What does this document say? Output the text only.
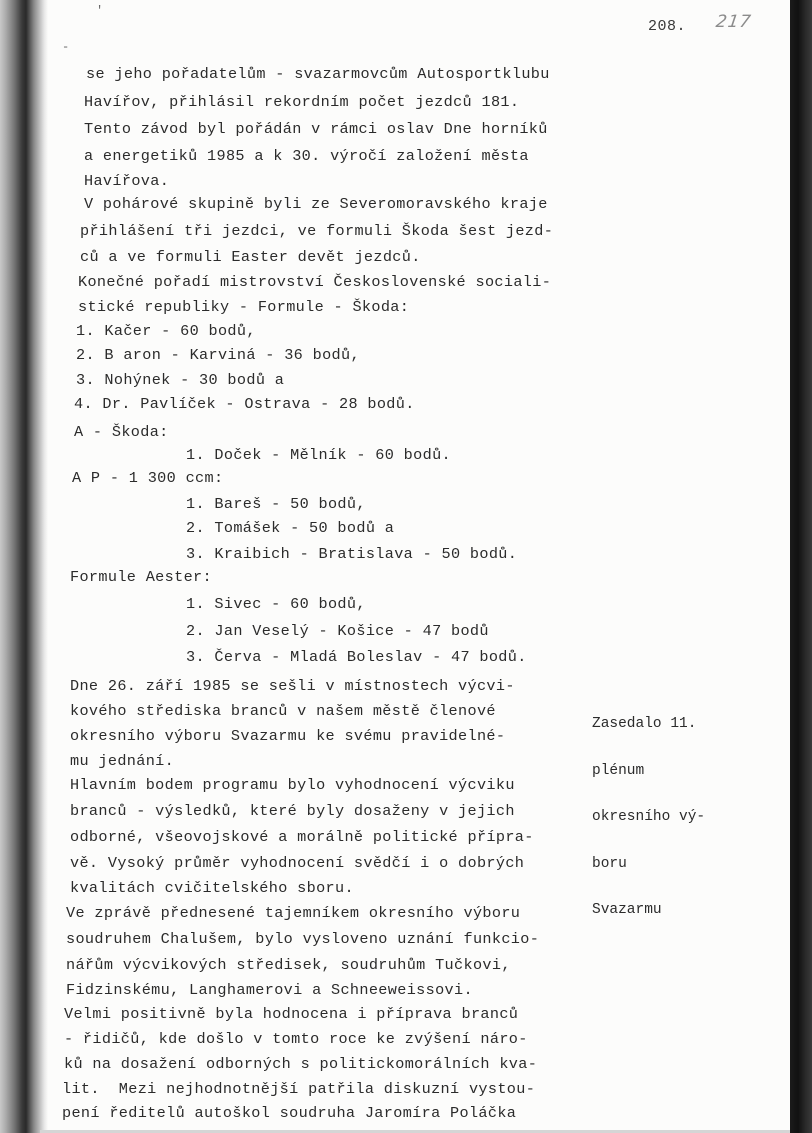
'
-
208. 217
se jeho pořadatelům - svazarmovcům Autosportklubu
Havířov, přihlásil rekordním počet jezdců 181.
Tento závod byl pořádán v rámci oslav Dne horníků
a energetiků 1985 a k 30. výročí založení města
Havířova.
V pohárové skupině byli ze Severomoravského kraje
přihlášení tři jezdci, ve formuli Škoda šest jezd-
ců a ve formuli Easter devět jezdců.
Konečné pořadí mistrovství Československé sociali-
stické republiky - Formule - Škoda:
1. Kačer - 60 bodů,
2. B aron - Karviná - 36 bodů,
3. Nohýnek - 30 bodů a
4. Dr. Pavlíček - Ostrava - 28 bodů.
A - Škoda:
1. Doček - Mělník - 60 bodů.
A P - 1 300 ccm:
1. Bareš - 50 bodů,
2. Tomášek - 50 bodů a
3. Kraibich - Bratislava - 50 bodů.
Formule Aester:
1. Sivec - 60 bodů,
2. Jan Veselý - Košice - 47 bodů
3. Červa - Mladá Boleslav - 47 bodů.
Dne 26. září 1985 se sešli v místnostech výcvi-
kového střediska branců v našem městě členové
okresního výboru Svazarmu ke svému pravidelné-
mu jednání.
Hlavním bodem programu bylo vyhodnocení výcviku
branců - výsledků, které byly dosaženy v jejich
odborné, všeovojskové a morálně politické přípra-
vě. Vysoký průměr vyhodnocení svědčí i o dobrých
kvalitách cvičitelského sboru.
Ve zprávě přednesené tajemníkem okresního výboru
soudruhem Chalušem, bylo vysloveno uznání funkcio-
nářům výcvikových středisek, soudruhům Tučkovi,
Fidzinskému, Langhamerovi a Schneeweissovi.
Velmi positivně byla hodnocena i příprava branců
- řidičů, kde došlo v tomto roce ke zvýšení náro-
ků na dosažení odborných s politickomorálních kva-
lit.  Mezi nejhodnotnější patřila diskuzní vystou-
pení ředitelů autoškol soudruha Jaromíra Poláčka

Zasedalo 11.

plénum

okresního vý-

boru

Svazarmu
